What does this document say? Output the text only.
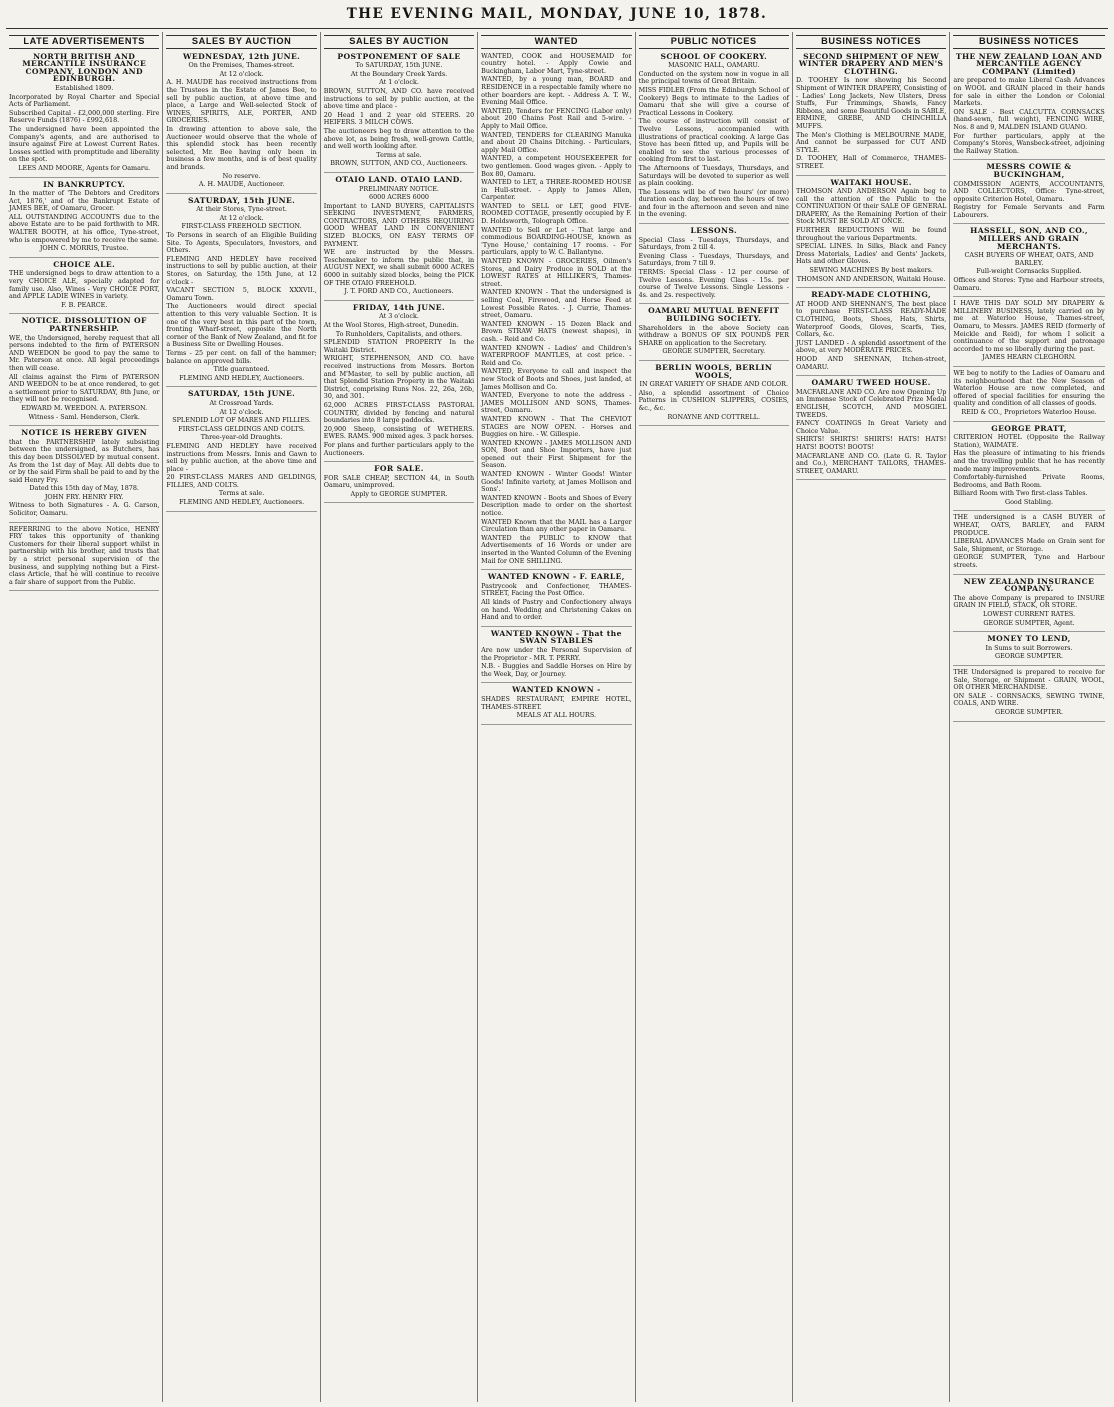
THE EVENING MAIL, MONDAY, JUNE 10, 1878.
LATE ADVERTISEMENTS
NORTH BRITISH AND MERCANTILE INSURANCE COMPANY, LONDON AND EDINBURGH.

Established 1809.

Incorporated by Royal Charter and Special Acts of Parliament.

Subscribed Capital - £2,000,000 sterling. Fire Reserve Funds (1876) - £992,618.

The undersigned have been appointed the Company's agents, and are authorised to insure against Fire at Lowest Current Rates. Losses settled with promptitude and liberality on the spot.

LEES AND MOORE, Agents for Oamaru.

IN BANKRUPTCY.

In the matter of 'The Debtors and Creditors Act, 1876,' and of the Bankrupt Estate of JAMES BEE, of Oamaru, Grocer.

ALL OUTSTANDING ACCOUNTS due to the above Estate are to be paid forthwith to MR. WALTER BOOTH, at his office, Tyne-street, who is empowered by me to receive the same.

JOHN C. MORRIS, Trustee.

CHOICE ALE.

THE undersigned begs to draw attention to a very CHOICE ALE, specially adapted for family use. Also, Wines - Very CHOICE PORT, and APPLE LADIE WINES in variety.

F. B. PEARCE.

NOTICE. DISSOLUTION OF PARTNERSHIP.

WE, the Undersigned, hereby request that all persons indebted to the firm of PATERSON AND WEEDON be good to pay the same to Mr. Paterson at once. All legal proceedings then will cease.

All claims against the Firm of PATERSON AND WEEDON to be at once rendered, to get a settlement prior to SATURDAY, 8th June, or they will not be recognised.

EDWARD M. WEEDON. A. PATERSON.

Witness - Saml. Henderson, Clerk.

NOTICE IS HEREBY GIVEN

that the PARTNERSHIP lately subsisting between the undersigned, as Butchers, has this day been DISSOLVED by mutual consent. As from the 1st day of May. All debts due to or by the said Firm shall be paid to and by the said Henry Fry.

Dated this 15th day of May, 1878.

JOHN FRY. HENRY FRY.

Witness to both Signatures - A. G. Carson, Solicitor, Oamaru.

REFERRING to the above Notice, HENRY FRY takes this opportunity of thanking Customers for their liberal support whilst in partnership with his brother, and trusts that by a strict personal supervision of the business, and supplying nothing but a First-class Article, that he will continue to receive a fair share of support from the Public.

SALES BY AUCTION
WEDNESDAY, 12th JUNE.

On the Premises, Thames-street.

At 12 o'clock.

A. H. MAUDE has received instructions from the Trustees in the Estate of James Bee, to sell by public auction, at above time and place, a Large and Well-selected Stock of WINES, SPIRITS, ALE, PORTER, AND GROCERIES.

In drawing attention to above sale, the Auctioneer would observe that the whole of this splendid stock has been recently selected, Mr. Bee having only been in business a few months, and is of best quality and brands.

No reserve.

A. H. MAUDE, Auctioneer.

SATURDAY, 15th JUNE.

At their Stores, Tyne-street.

At 12 o'clock.

FIRST-CLASS FREEHOLD SECTION.

To Persons in search of an Eligible Building Site. To Agents, Speculators, Investors, and Others.

FLEMING AND HEDLEY have received instructions to sell by public auction, at their Stores, on Saturday, the 15th June, at 12 o'clock -

VACANT SECTION 5, BLOCK XXXVII., Oamaru Town.

The Auctioneers would direct special attention to this very valuable Section. It is one of the very best in this part of the town, fronting Wharf-street, opposite the North corner of the Bank of New Zealand, and fit for a Business Site or Dwelling Houses.

Terms - 25 per cent. on fall of the hammer; balance on approved bills.

Title guaranteed.

FLEMING AND HEDLEY, Auctioneers.

SATURDAY, 15th JUNE.

At Crossroad Yards.

At 12 o'clock.

SPLENDID LOT OF MARES AND FILLIES.

FIRST-CLASS GELDINGS AND COLTS.

Three-year-old Draughts.

FLEMING AND HEDLEY have received instructions from Messrs. Innis and Gawn to sell by public auction, at the above time and place -

20 FIRST-CLASS MARES AND GELDINGS, FILLIES, AND COLTS.

Terms at sale.

FLEMING AND HEDLEY, Auctioneers.

SALES BY AUCTION
POSTPONEMENT OF SALE

To SATURDAY, 15th JUNE.

At the Boundary Creek Yards.

At 1 o'clock.

BROWN, SUTTON, AND CO. have received instructions to sell by public auction, at the above time and place -

20 Head 1 and 2 year old STEERS. 20 HEIFERS. 3 MILCH COWS.

The auctioneers beg to draw attention to the above lot, as being fresh, well-grown Cattle, and well worth looking after.

Terms at sale.

BROWN, SUTTON, AND CO., Auctioneers.

OTAIO LAND. OTAIO LAND.

PRELIMINARY NOTICE.

6000 ACRES 6000

Important to LAND BUYERS, CAPITALISTS SEEKING INVESTMENT, FARMERS, CONTRACTORS, AND OTHERS REQUIRING GOOD WHEAT LAND IN CONVENIENT SIZED BLOCKS, ON EASY TERMS OF PAYMENT.

WE are instructed by the Messrs. Teschemaker to inform the public that, in AUGUST NEXT, we shall submit 6000 ACRES 6000 in suitably sized blocks, being the PICK OF THE OTAIO FREEHOLD.

J. T. FORD AND CO., Auctioneers.

FRIDAY, 14th JUNE.

At 3 o'clock.

At the Wool Stores, High-street, Dunedin.

To Runholders, Capitalists, and others.

SPLENDID STATION PROPERTY In the Waitaki District.

WRIGHT, STEPHENSON, AND CO. have received instructions from Messrs. Borton and M'Master, to sell by public auction, all that Splendid Station Property in the Waitaki District, comprising Runs Nos. 22, 26a, 26b, 30, and 301.

62,000 ACRES FIRST-CLASS PASTORAL COUNTRY, divided by fencing and natural boundaries into 8 large paddocks.

20,900 Sheep, consisting of WETHERS. EWES. RAMS. 900 mixed ages. 3 pack horses.

For plans and further particulars apply to the Auctioneers.

FOR SALE.

FOR SALE CHEAP, SECTION 44, in South Oamaru, unimproved.

Apply to GEORGE SUMPTER.

WANTED

WANTED, COOK and HOUSEMAID for country hotel. - Apply Cowie and Buckingham, Labor Mart, Tyne-street.

WANTED, by a young man, BOARD and RESIDENCE in a respectable family where no other boarders are kept. - Address A. T. W., Evening Mail Office.

WANTED, Tenders for FENCING (Labor only) about 200 Chains Post Rail and 5-wire. - Apply to Mail Office.

WANTED, TENDERS for CLEARING Manuka and about 20 Chains Ditching. - Particulars, apply Mail Office.

WANTED, a competent HOUSEKEEPER for two gentlemen. Good wages given. - Apply to Box 80, Oamaru.

WANTED to LET, a THREE-ROOMED HOUSE in Hull-street. - Apply to James Allen, Carpenter.

WANTED to SELL or LET, good FIVE-ROOMED COTTAGE, presently occupied by F. D. Holdsworth, Tolograph Office.

WANTED to Sell or Let - That large and commodious BOARDING-HOUSE, known as 'Tyne House,' containing 17 rooms. - For particulars, apply to W. C. Ballantyne.

WANTED KNOWN - GROCERIES, Oilmen's Stores, and Dairy Produce in SOLD at the LOWEST RATES at HILLIKER'S, Thames-street.

WANTED KNOWN - That the undersigned is selling Coal, Firewood, and Horse Feed at Lowest Possible Rates. - J. Currie, Thames-street, Oamaru.

WANTED KNOWN - 15 Dozen Black and Brown STRAW HATS (newest shapes), in cash. - Reid and Co.

WANTED KNOWN - Ladies' and Children's WATERPROOF MANTLES, at cost price. - Reid and Co.

WANTED, Everyone to call and inspect the new Stock of Boots and Shoes, just landed, at James Mollison and Co.

WANTED, Everyone to note the address - JAMES MOLLISON AND SONS, Thames-street, Oamaru.

WANTED KNOWN - That The CHEVIOT STAGES are NOW OPEN. - Horses and Buggies on hire. - W. Gillespie.

WANTED KNOWN - JAMES MOLLISON AND SON, Boot and Shoe Importers, have just opened out their First Shipment for the Season.

WANTED KNOWN - Winter Goods! Winter Goods! Infinite variety, at James Mollison and Sons'.

WANTED KNOWN - Boots and Shoes of Every Description made to order on the shortest notice.

WANTED Known that the MAIL has a Larger Circulation than any other paper in Oamaru.

WANTED the PUBLIC to KNOW that Advertisements of 16 Words or under are inserted in the Wanted Column of the Evening Mail for ONE SHILLING.

WANTED KNOWN - F. EARLE,

Pastrycook and Confectioner, THAMES-STREET, Facing the Post Office.

All kinds of Pastry and Confectionery always on hand. Wedding and Christening Cakes on Hand and to order.

WANTED KNOWN - That the SWAN STABLES

Are now under the Personal Supervision of the Proprietor - MR. T. PERRY.

N.B. - Buggies and Saddle Horses on Hire by the Week, Day, or Journey.

WANTED KNOWN -

SHADES RESTAURANT, EMPIRE HOTEL, THAMES-STREET.

MEALS AT ALL HOURS.

PUBLIC NOTICES
SCHOOL OF COOKERY.

MASONIC HALL, OAMARU.

Conducted on the system now in vogue in all the principal towns of Great Britain.

MISS FIDLER (From the Edinburgh School of Cookery) Begs to intimate to the Ladies of Oamaru that she will give a course of Practical Lessons in Cookery.

The course of instruction will consist of Twelve Lessons, accompanied with illustrations of practical cooking. A large Gas Stove has been fitted up, and Pupils will be enabled to see the various processes of cooking from first to last.

The Afternoons of Tuesdays, Thursdays, and Saturdays will be devoted to superior as well as plain cooking.

The Lessons will be of two hours' (or more) duration each day, between the hours of two and four in the afternoon and seven and nine in the evening.

LESSONS.

Special Class - Tuesdays, Thursdays, and Saturdays, from 2 till 4.

Evening Class - Tuesdays, Thursdays, and Saturdays, from 7 till 9.

TERMS: Special Class - 12 per course of Twelve Lessons. Evening Class - 15s. per course of Twelve Lessons. Single Lessons - 4s. and 2s. respectively.

OAMARU MUTUAL BENEFIT BUILDING SOCIETY.

Shareholders in the above Society can withdraw a BONUS OF SIX POUNDS PER SHARE on application to the Secretary.

GEORGE SUMPTER, Secretary.

BERLIN WOOLS, BERLIN WOOLS,

IN GREAT VARIETY OF SHADE AND COLOR.

Also, a splendid assortment of Choice Patterns in CUSHION SLIPPERS, COSIES, &c., &c.

RONAYNE AND COTTRELL.

BUSINESS NOTICES
SECOND SHIPMENT OF NEW WINTER DRAPERY AND MEN'S CLOTHING.

D. TOOHEY Is now showing his Second Shipment of WINTER DRAPERY, Consisting of - Ladies' Long Jackets, New Ulsters, Dress Stuffs, Fur Trimmings, Shawls, Fancy Ribbons, and some Beautiful Goods in SABLE, ERMINE, GREBE, AND CHINCHILLA MUFFS.

The Men's Clothing is MELBOURNE MADE, And cannot be surpassed for CUT AND STYLE.

D. TOOHEY, Hall of Commerce, THAMES-STREET.

WAITAKI HOUSE.

THOMSON AND ANDERSON Again beg to call the attention of the Public to the CONTINUATION Of their SALE OF GENERAL DRAPERY, As the Remaining Portion of their Stock MUST BE SOLD AT ONCE.

FURTHER REDUCTIONS Will be found throughout the various Departments.

SPECIAL LINES. In Silks, Black and Fancy Dress Materials, Ladies' and Gents' Jackets, Hats and other Gloves.

SEWING MACHINES By best makers.

THOMSON AND ANDERSON, Waitaki House.

READY-MADE CLOTHING,

AT HOOD AND SHENNAN'S, The best place to purchase FIRST-CLASS READY-MADE CLOTHING, Boots, Shoes, Hats, Shirts, Waterproof Goods, Gloves, Scarfs, Ties, Collars, &c.

JUST LANDED - A splendid assortment of the above, at very MODERATE PRICES.

HOOD AND SHENNAN, Itchen-street, OAMARU.

OAMARU TWEED HOUSE.

MACFARLANE AND CO. Are now Opening Up an Immense Stock of Celebrated Prize Medal ENGLISH, SCOTCH, AND MOSGIEL TWEEDS.

FANCY COATINGS In Great Variety and Choice Value.

SHIRTS! SHIRTS! SHIRTS! HATS! HATS! HATS! BOOTS! BOOTS!

MACFARLANE AND CO. (Late G. R. Taylor and Co.), MERCHANT TAILORS, THAMES-STREET, OAMARU.

BUSINESS NOTICES
THE NEW ZEALAND LOAN AND MERCANTILE AGENCY COMPANY (Limited)

are prepared to make Liberal Cash Advances on WOOL and GRAIN placed in their hands for sale in either the London or Colonial Markets.

ON SALE - Best CALCUTTA CORNSACKS (hand-sewn, full weight), FENCING WIRE, Nos. 8 and 9, MALDEN ISLAND GUANO.

For further particulars, apply at the Company's Stores, Wansbeck-street, adjoining the Railway Station.

MESSRS COWIE & BUCKINGHAM,

COMMISSION AGENTS, ACCOUNTANTS, AND COLLECTORS, Office: Tyne-street, opposite Criterion Hotel, Oamaru.

Registry for Female Servants and Farm Labourers.

HASSELL, SON, AND CO., MILLERS AND GRAIN MERCHANTS.

CASH BUYERS OF WHEAT, OATS, AND BARLEY.

Full-weight Cornsacks Supplied.

Offices and Stores: Tyne and Harbour streets, Oamaru.

I HAVE THIS DAY SOLD MY DRAPERY & MILLINERY BUSINESS, lately carried on by me at Waterloo House, Thames-street, Oamaru, to Messrs. JAMES REID (formerly of Meickle and Reid), for whom I solicit a continuance of the support and patronage accorded to me so liberally during the past.

JAMES HEARN CLEGHORN.

WE beg to notify to the Ladies of Oamaru and its neighbourhood that the New Season of Waterloo House are now completed, and offered of special facilities for ensuring the quality and condition of all classes of goods.

REID & CO., Proprietors Waterloo House.

GEORGE PRATT,

CRITERION HOTEL (Opposite the Railway Station), WAIMATE.

Has the pleasure of intimating to his friends and the travelling public that he has recently made many improvements.

Comfortably-furnished Private Rooms, Bedrooms, and Bath Room.

Billiard Room with Two first-class Tables.

Good Stabling.

THE undersigned is a CASH BUYER of WHEAT, OATS, BARLEY, and FARM PRODUCE.

LIBERAL ADVANCES Made on Grain sent for Sale, Shipment, or Storage.

GEORGE SUMPTER, Tyne and Harbour streets.

NEW ZEALAND INSURANCE COMPANY.

The above Company is prepared to INSURE GRAIN IN FIELD, STACK, OR STORE.

LOWEST CURRENT RATES.

GEORGE SUMPTER, Agent.

MONEY TO LEND,

In Sums to suit Borrowers.

GEORGE SUMPTER.

THE Undersigned is prepared to receive for Sale, Storage, or Shipment - GRAIN, WOOL, OR OTHER MERCHANDISE.

ON SALE - CORNSACKS, SEWING TWINE, COALS, AND WIRE.

GEORGE SUMPTER.
